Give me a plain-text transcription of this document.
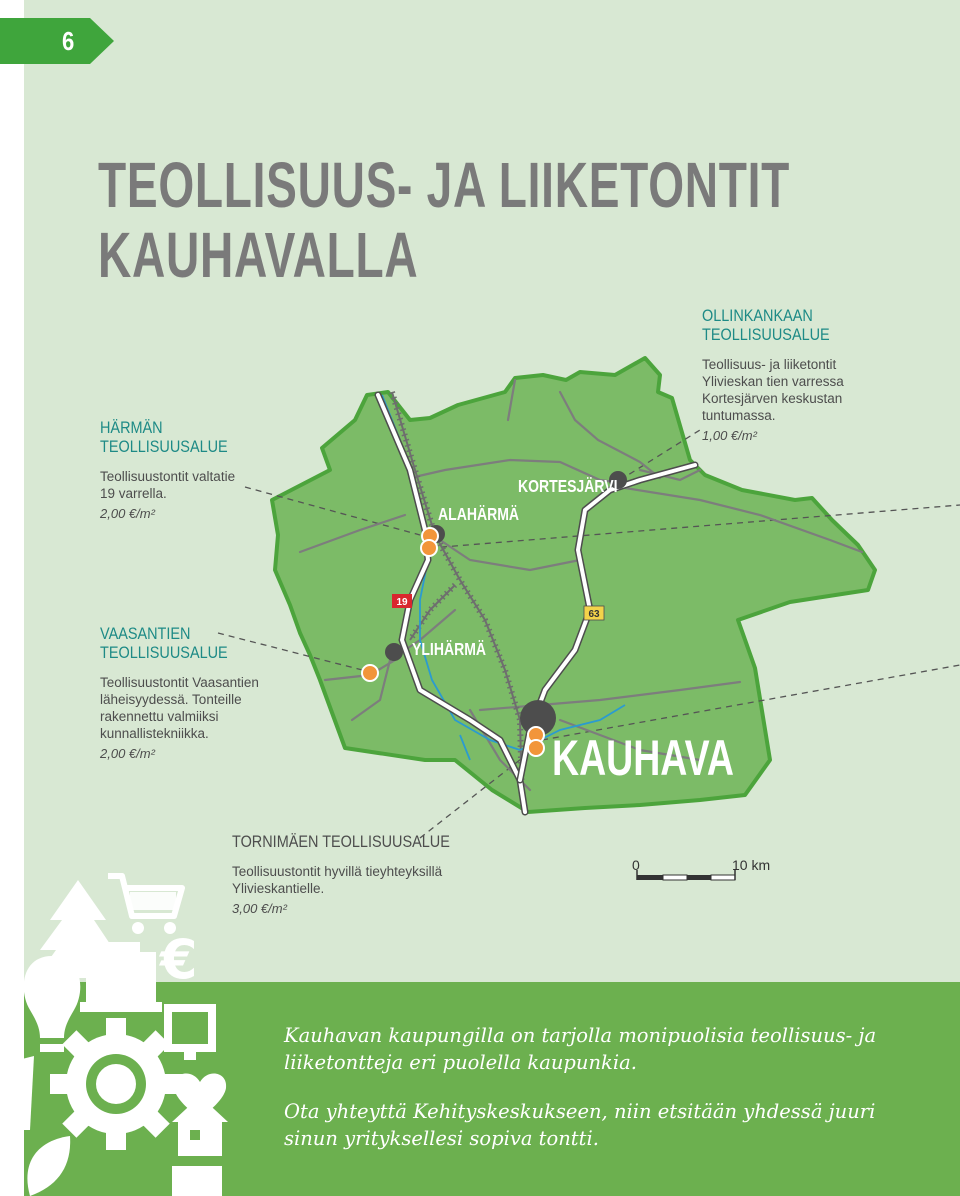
6
TEOLLISUUS- JA LIIKETONTIT
KAUHAVALLA
19
63
ALAHÄRMÄ
KORTESJÄRVI
YLIHÄRMÄ
KAUHAVA
0	10 km
HÄRMÄN
TEOLLISUUSALUE
Teollisuustontit valtatie 19 varrella.
2,00 €/m²
OLLINKANKAAN
TEOLLISUUSALUE
Teollisuus- ja liiketontit Ylivieskan tien varressa Kortesjärven keskustan tuntumassa.
1,00 €/m²
VAASANTIEN
TEOLLISUUSALUE
Teollisuustontit Vaasantien läheisyydessä. Tonteille rakennettu valmiiksi kunnallistekniikka.
2,00 €/m²
TORNIMÄEN TEOLLISUUSALUE
Teollisuustontit hyvillä tieyhteyksillä Ylivieskantielle.
3,00 €/m²
€

Kauhavan kaupungilla on tarjolla monipuolisia teollisuus- ja liiketontteja eri puolella kaupunkia.

Ota yhteyttä Kehityskeskukseen, niin etsitään yhdessä juuri sinun yrityksellesi sopiva tontti.
